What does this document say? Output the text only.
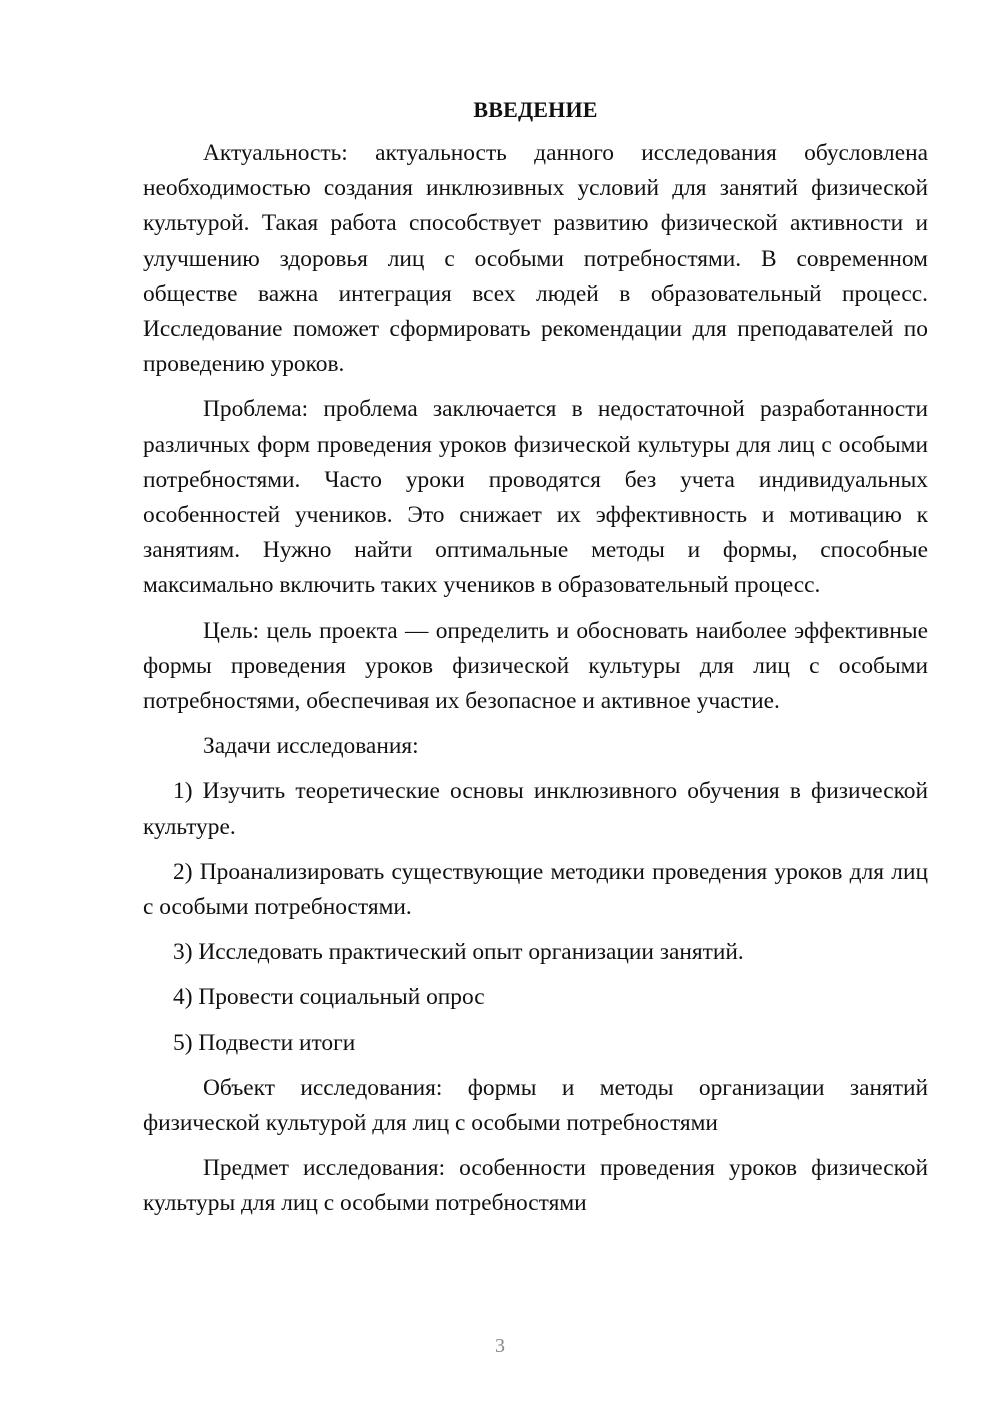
ВВЕДЕНИЕ

Актуальность: актуальность данного исследования обусловлена необходимостью создания инклюзивных условий для занятий физической культурой. Такая работа способствует развитию физической активности и улучшению здоровья лиц с особыми потребностями. В современном обществе важна интеграция всех людей в образовательный процесс. Исследование поможет сформировать рекомендации для преподавателей по проведению уроков.

Проблема: проблема заключается в недостаточной разработанности различных форм проведения уроков физической культуры для лиц с особыми потребностями. Часто уроки проводятся без учета индивидуальных особенностей учеников. Это снижает их эффективность и мотивацию к занятиям. Нужно найти оптимальные методы и формы, способные максимально включить таких учеников в образовательный процесс.

Цель: цель проекта — определить и обосновать наиболее эффективные формы проведения уроков физической культуры для лиц с особыми потребностями, обеспечивая их безопасное и активное участие.

Задачи исследования:

1) Изучить теоретические основы инклюзивного обучения в физической культуре.

2) Проанализировать существующие методики проведения уроков для лиц с особыми потребностями.

3) Исследовать практический опыт организации занятий.

4) Провести социальный опрос

5) Подвести итоги

Объект исследования: формы и методы организации занятий физической культурой для лиц с особыми потребностями

Предмет исследования: особенности проведения уроков физической культуры для лиц с особыми потребностями

3
